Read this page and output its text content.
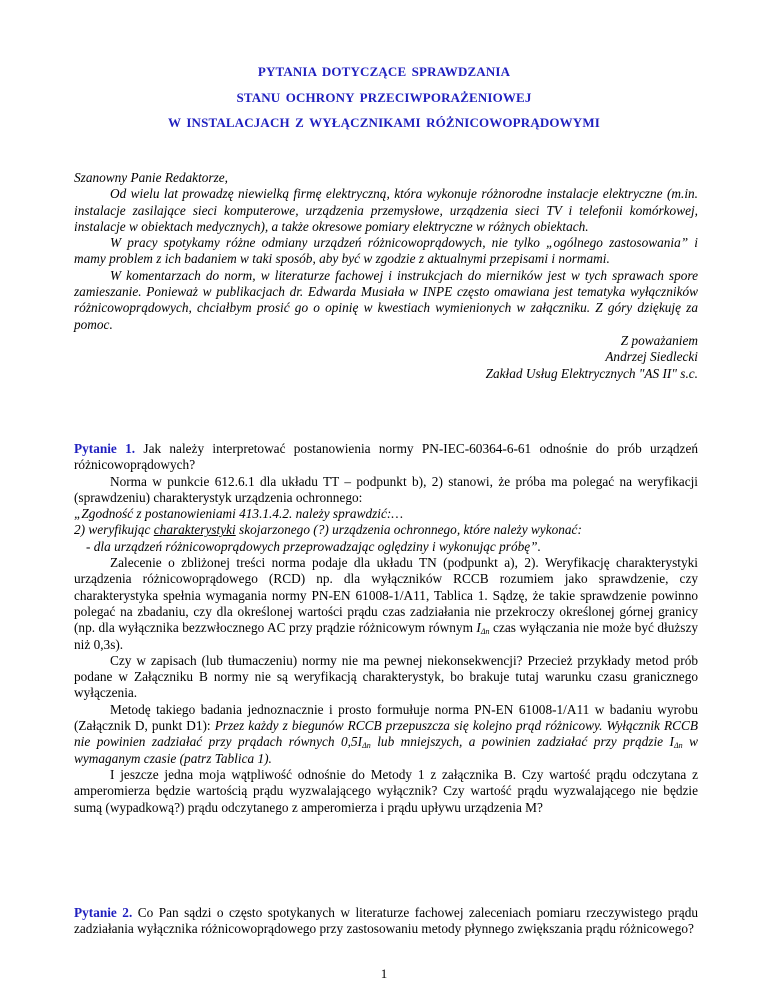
PYTANIA DOTYCZĄCE SPRAWDZANIA
STANU OCHRONY PRZECIWPORAŻENIOWEJ
W INSTALACJACH Z WYŁĄCZNIKAMI RÓŻNICOWOPRĄDOWYMI

Szanowny Panie Redaktorze,

Od wielu lat prowadzę niewielką firmę elektryczną, która wykonuje różnorodne instalacje elektryczne (m.in. instalacje zasilające sieci komputerowe, urządzenia przemysłowe, urządzenia sieci TV i telefonii komórkowej, instalacje w obiektach medycznych), a także okresowe pomiary elektryczne w różnych obiektach.

W pracy spotykamy różne odmiany urządzeń różnicowoprądowych, nie tylko „ogólnego zastosowania” i mamy problem z ich badaniem w taki sposób, aby być w zgodzie z aktualnymi przepisami i normami.

W komentarzach do norm, w literaturze fachowej i instrukcjach do mierników jest w tych sprawach spore zamieszanie. Ponieważ w publikacjach dr. Edwarda Musiała w INPE często omawiana jest tematyka wyłączników różnicowoprądowych, chciałbym prosić go o opinię w kwestiach wymienionych w załączniku. Z góry dziękuję za pomoc.

Z poważaniem

Andrzej Siedlecki

Zakład Usług Elektrycznych "AS II" s.c.

Pytanie 1. Jak należy interpretować postanowienia normy PN-IEC-60364-6-61 odnośnie do prób urządzeń różnicowoprądowych?

Norma w punkcie 612.6.1 dla układu TT – podpunkt b), 2) stanowi, że próba ma polegać na weryfikacji (sprawdzeniu) charakterystyk urządzenia ochronnego:

„Zgodność z postanowieniami 413.1.4.2. należy sprawdzić:…

2) weryfikując charakterystyki skojarzonego (?) urządzenia ochronnego, które należy wykonać:

- dla urządzeń różnicowoprądowych przeprowadzając oględziny i wykonując próbę”.

Zalecenie o zbliżonej treści norma podaje dla układu TN (podpunkt a), 2). Weryfikację charakterystyki urządzenia różnicowoprądowego (RCD) np. dla wyłączników RCCB rozumiem jako sprawdzenie, czy charakterystyka spełnia wymagania normy PN-EN 61008-1/A11, Tablica 1. Sądzę, że takie sprawdzenie powinno polegać na zbadaniu, czy dla określonej wartości prądu czas zadziałania nie przekroczy określonej górnej granicy (np. dla wyłącznika bezzwłocznego AC przy prądzie różnicowym równym $I_{\Delta n}$ czas wyłączania nie może być dłuższy niż 0,3s).

Czy w zapisach (lub tłumaczeniu) normy nie ma pewnej niekonsekwencji? Przecież przykłady metod prób podane w Załączniku B normy nie są weryfikacją charakterystyk, bo brakuje tutaj warunku czasu granicznego wyłączenia.

Metodę takiego badania jednoznacznie i prosto formułuje norma PN-EN 61008-1/A11 w badaniu wyrobu (Załącznik D, punkt D1): Przez każdy z biegunów RCCB przepuszcza się kolejno prąd różnicowy. Wyłącznik RCCB nie powinien zadziałać przy prądach równych $0,5I_{\Delta n}$ lub mniejszych, a powinien zadziałać przy prądzie $I_{\Delta n}$ w wymaganym czasie (patrz Tablica 1).

I jeszcze jedna moja wątpliwość odnośnie do Metody 1 z załącznika B. Czy wartość prądu odczytana z amperomierza będzie wartością prądu wyzwalającego wyłącznik? Czy wartość prądu wyzwalającego nie będzie sumą (wypadkową?) prądu odczytanego z amperomierza i prądu upływu urządzenia M?

Pytanie 2. Co Pan sądzi o często spotykanych w literaturze fachowej zaleceniach pomiaru rzeczywistego prądu zadziałania wyłącznika różnicowoprądowego przy zastosowaniu metody płynnego zwiększania prądu różnicowego?

1
